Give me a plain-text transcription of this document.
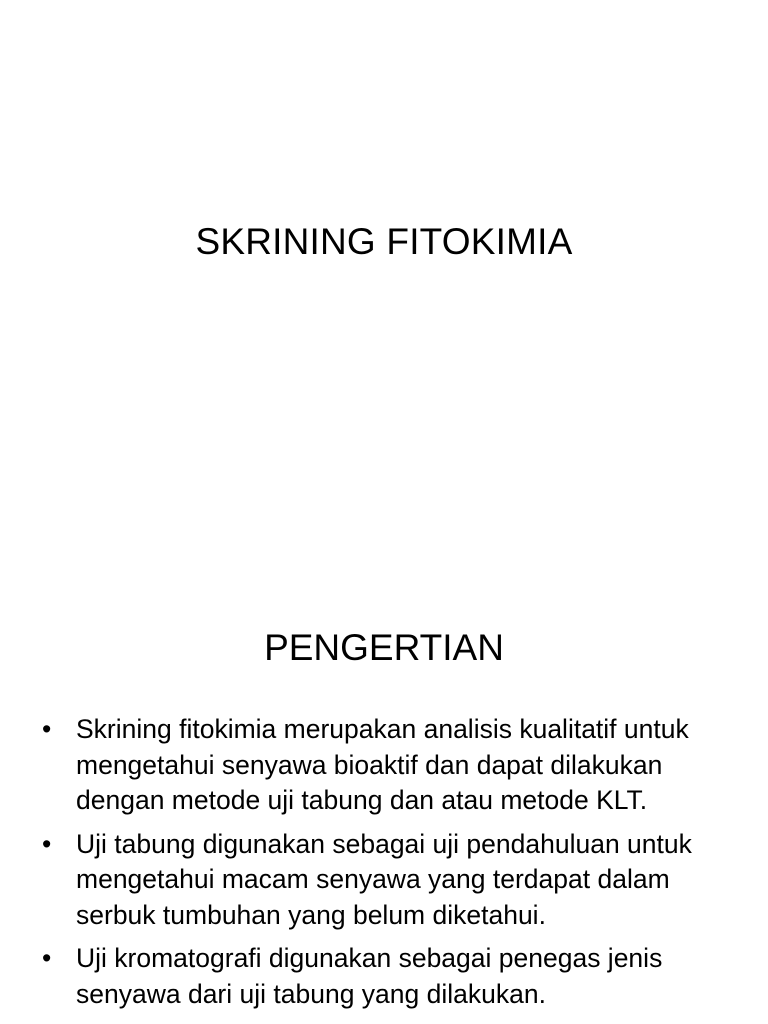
SKRINING FITOKIMIA
PENGERTIAN
• Skrining fitokimia merupakan analisis kualitatif untuk mengetahui senyawa bioaktif dan dapat dilakukan dengan metode uji tabung dan atau metode KLT.
• Uji tabung digunakan sebagai uji pendahuluan untuk mengetahui macam senyawa yang terdapat dalam serbuk tumbuhan yang belum diketahui.
• Uji kromatografi digunakan sebagai penegas jenis senyawa dari uji tabung yang dilakukan.
